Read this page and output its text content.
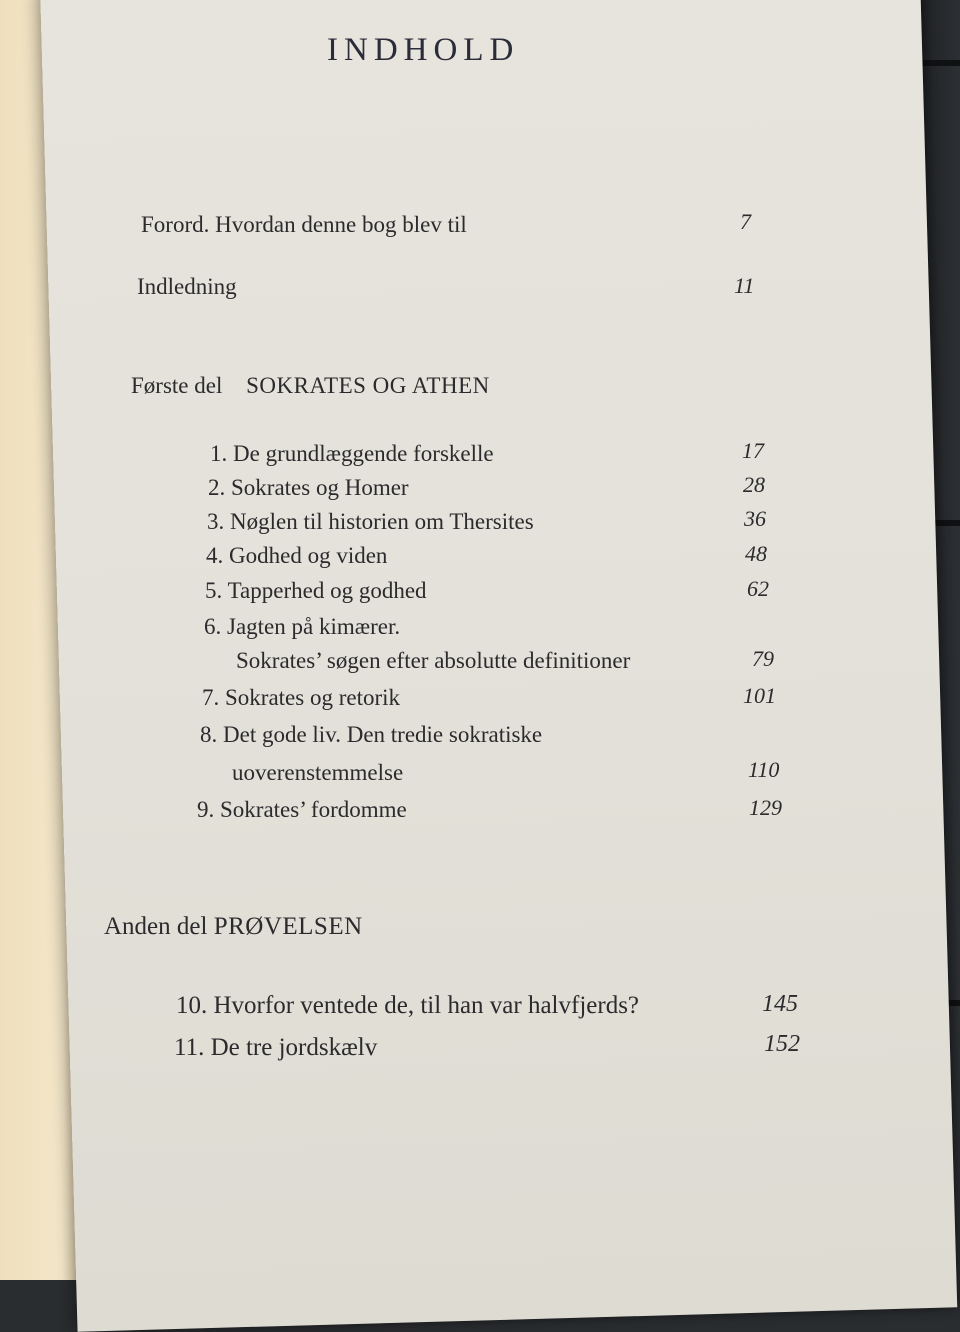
INDHOLD
Forord. Hvordan denne bog blev til	7
Indledning	11
Første del SOKRATES OG ATHEN
1. De grundlæggende forskelle	17
2. Sokrates og Homer	28
3. Nøglen til historien om Thersites	36
4. Godhed og viden	48
5. Tapperhed og godhed	62
6. Jagten på kimærer.
Sokrates’ søgen efter absolutte definitioner	79
7. Sokrates og retorik	101
8. Det gode liv. Den tredie sokratiske
uoverenstemmelse	110
9. Sokrates’ fordomme	129
Anden del PRØVELSEN
10. Hvorfor ventede de, til han var halvfjerds?	145
11. De tre jordskælv	152
